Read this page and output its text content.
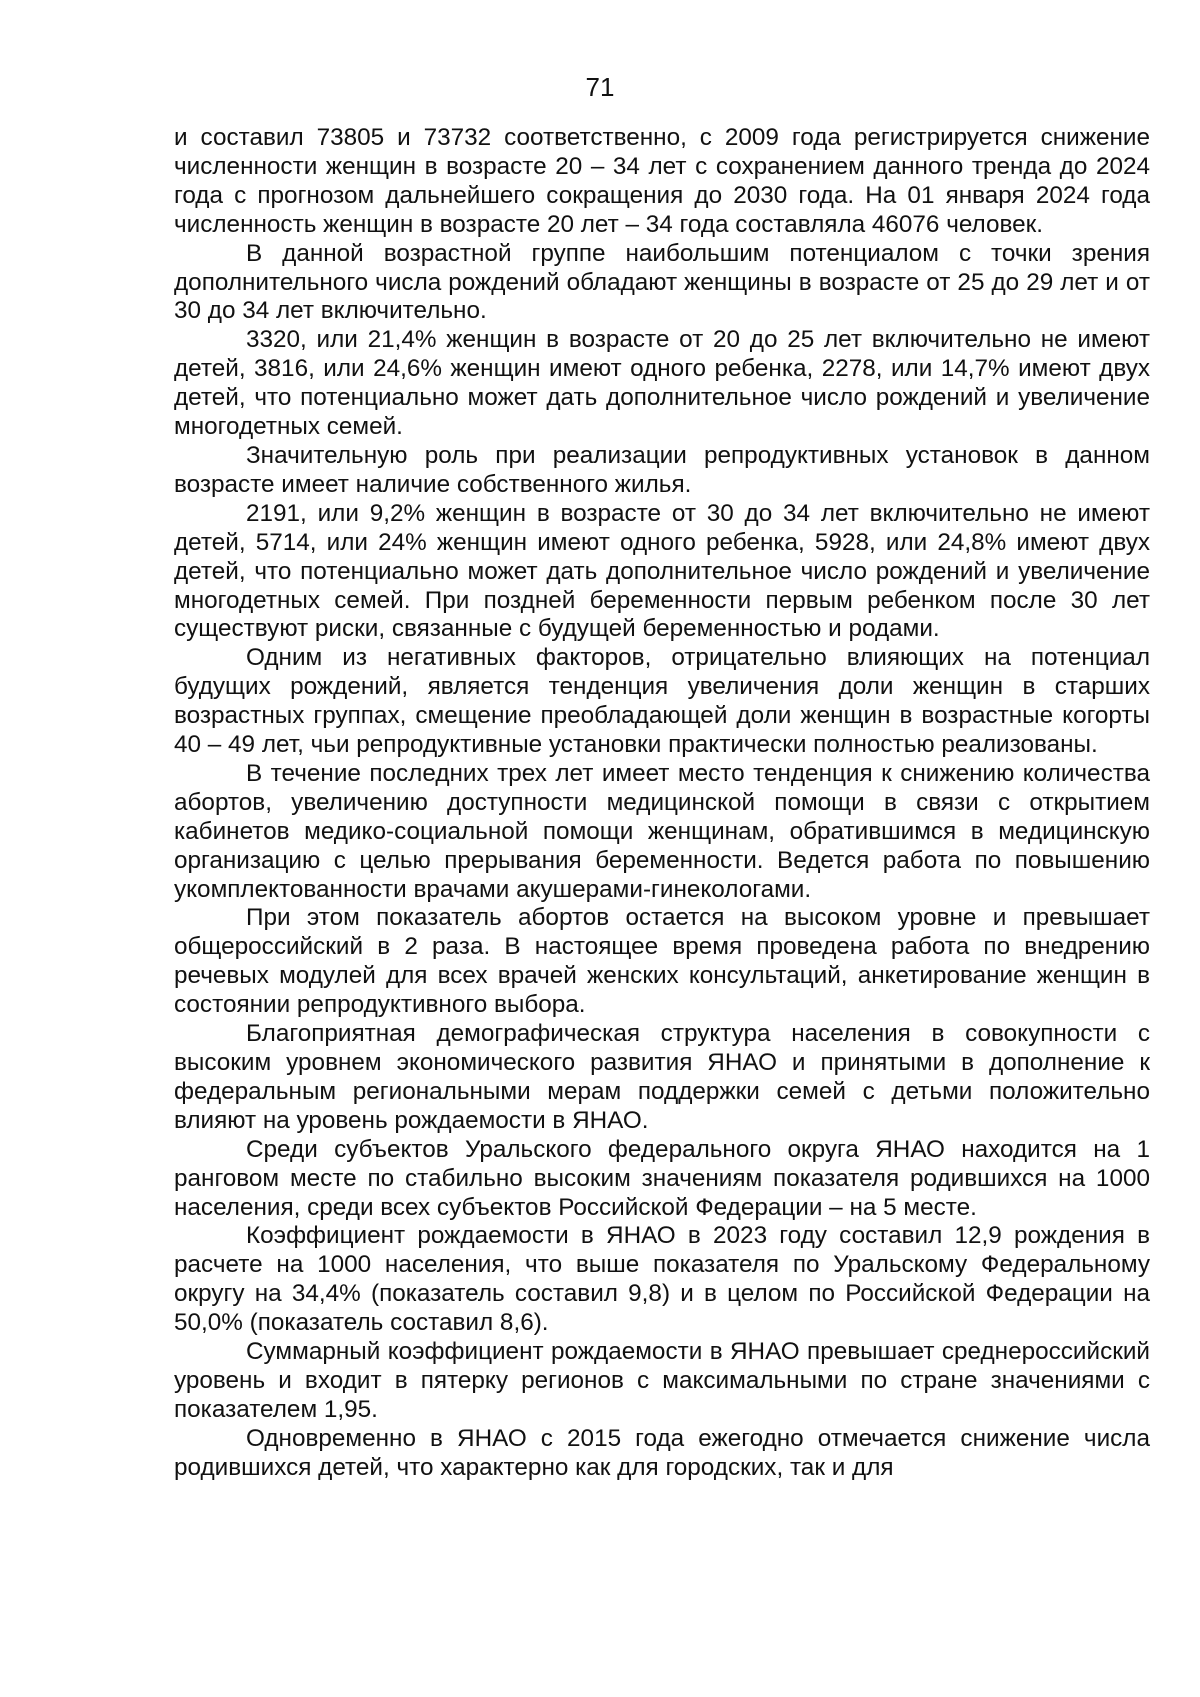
71

и составил 73805 и 73732 соответственно, с 2009 года регистрируется снижение численности женщин в возрасте 20 – 34 лет с сохранением данного тренда до 2024 года с прогнозом дальнейшего сокращения до 2030 года. На 01 января 2024 года численность женщин в возрасте 20 лет – 34 года составляла 46076 человек.

В данной возрастной группе наибольшим потенциалом с точки зрения дополнительного числа рождений обладают женщины в возрасте от 25 до 29 лет и от 30 до 34 лет включительно.

3320, или 21,4% женщин в возрасте от 20 до 25 лет включительно не имеют детей, 3816, или 24,6% женщин имеют одного ребенка, 2278, или 14,7% имеют двух детей, что потенциально может дать дополнительное число рождений и увеличение многодетных семей.

Значительную роль при реализации репродуктивных установок в данном возрасте имеет наличие собственного жилья.

2191, или 9,2% женщин в возрасте от 30 до 34 лет включительно не имеют детей, 5714, или 24% женщин имеют одного ребенка, 5928, или 24,8% имеют двух детей, что потенциально может дать дополнительное число рождений и увеличение многодетных семей. При поздней беременности первым ребенком после 30 лет существуют риски, связанные с будущей беременностью и родами.

Одним из негативных факторов, отрицательно влияющих на потенциал будущих рождений, является тенденция увеличения доли женщин в старших возрастных группах, смещение преобладающей доли женщин в возрастные когорты 40 – 49 лет, чьи репродуктивные установки практически полностью реализованы.

В течение последних трех лет имеет место тенденция к снижению количества абортов, увеличению доступности медицинской помощи в связи с открытием кабинетов медико-социальной помощи женщинам, обратившимся в медицинскую организацию с целью прерывания беременности. Ведется работа по повышению укомплектованности врачами акушерами-гинекологами.

При этом показатель абортов остается на высоком уровне и превышает общероссийский в 2 раза. В настоящее время проведена работа по внедрению речевых модулей для всех врачей женских консультаций, анкетирование женщин в состоянии репродуктивного выбора.

Благоприятная демографическая структура населения в совокупности с высоким уровнем экономического развития ЯНАО и принятыми в дополнение к федеральным региональными мерам поддержки семей с детьми положительно влияют на уровень рождаемости в ЯНАО.

Среди субъектов Уральского федерального округа ЯНАО находится на 1 ранговом месте по стабильно высоким значениям показателя родившихся на 1000 населения, среди всех субъектов Российской Федерации – на 5 месте.

Коэффициент рождаемости в ЯНАО в 2023 году составил 12,9 рождения в расчете на 1000 населения, что выше показателя по Уральскому Федеральному округу на 34,4% (показатель составил 9,8) и в целом по Российской Федерации на 50,0% (показатель составил 8,6).

Суммарный коэффициент рождаемости в ЯНАО превышает среднероссийский уровень и входит в пятерку регионов с максимальными по стране значениями с показателем 1,95.

Одновременно в ЯНАО с 2015 года ежегодно отмечается снижение числа родившихся детей, что характерно как для городских, так и для
